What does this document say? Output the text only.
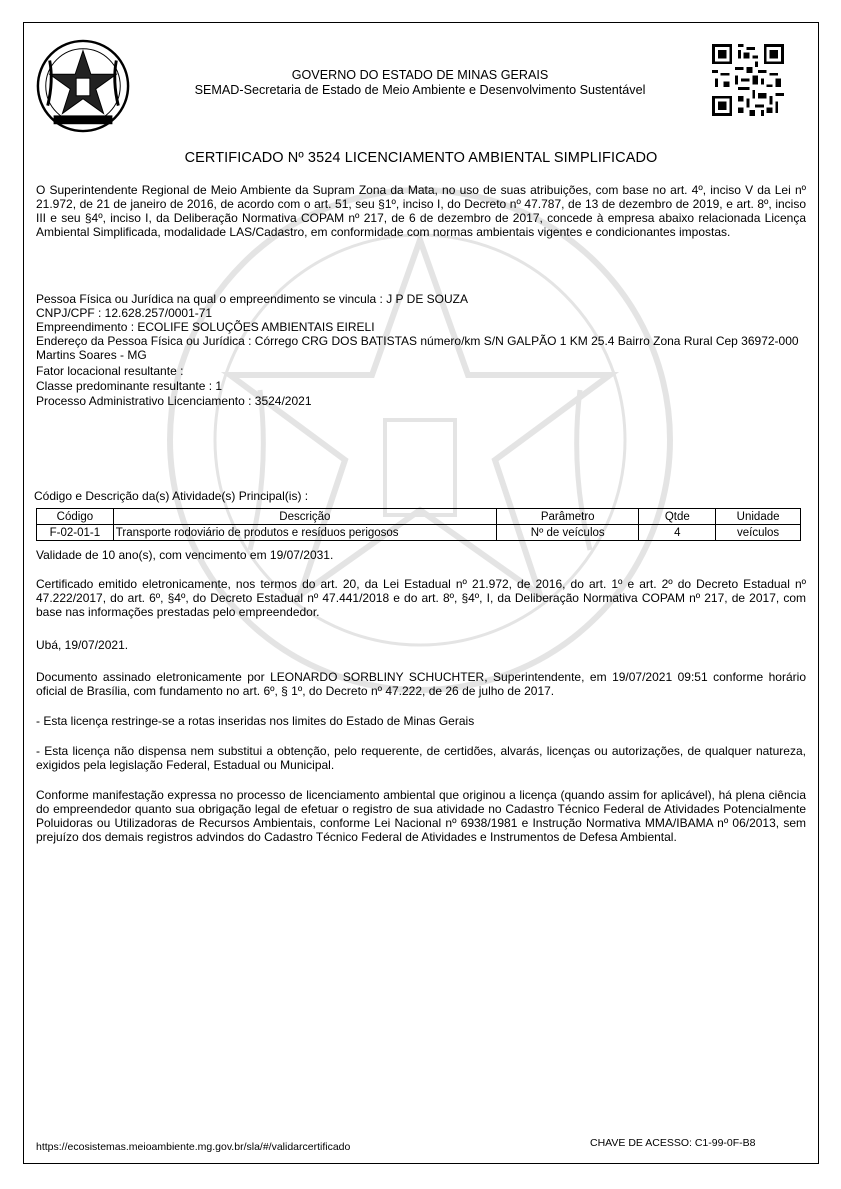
GOVERNO DO ESTADO DE MINAS GERAIS
SEMAD-Secretaria de Estado de Meio Ambiente e Desenvolvimento Sustentável
CERTIFICADO Nº 3524 LICENCIAMENTO AMBIENTAL SIMPLIFICADO
O Superintendente Regional de Meio Ambiente da Supram Zona da Mata, no uso de suas atribuições, com base no art. 4º, inciso V da Lei nº 21.972, de 21 de janeiro de 2016, de acordo com o art. 51, seu §1º, inciso I, do Decreto nº 47.787, de 13 de dezembro de 2019, e art. 8º, inciso III e seu §4º, inciso I, da Deliberação Normativa COPAM nº 217, de 6 de dezembro de 2017, concede à empresa abaixo relacionada Licença Ambiental Simplificada, modalidade LAS/Cadastro, em conformidade com normas ambientais vigentes e condicionantes impostas.
Pessoa Física ou Jurídica na qual o empreendimento se vincula : J P DE SOUZA
CNPJ/CPF : 12.628.257/0001-71
Empreendimento : ECOLIFE SOLUÇÕES AMBIENTAIS EIRELI
Endereço da Pessoa Física ou Jurídica : Córrego CRG DOS BATISTAS número/km S/N GALPÃO 1 KM 25.4 Bairro Zona Rural Cep 36972-000 Martins Soares - MG
Fator locacional resultante :
Classe predominante resultante : 1
Processo Administrativo Licenciamento : 3524/2021
Código e Descrição da(s) Atividade(s) Principal(is) :
Código	Descrição	Parâmetro	Qtde	Unidade
F-02-01-1	Transporte rodoviário de produtos e resíduos perigosos	Nº de veículos	4	veículos
Validade de 10 ano(s), com vencimento em 19/07/2031.
Certificado emitido eletronicamente, nos termos do art. 20, da Lei Estadual nº 21.972, de 2016, do art. 1º e art. 2º do Decreto Estadual nº 47.222/2017, do art. 6º, §4º, do Decreto Estadual nº 47.441/2018 e do art. 8º, §4º, I, da Deliberação Normativa COPAM nº 217, de 2017, com base nas informações prestadas pelo empreendedor.
Ubá, 19/07/2021.
Documento assinado eletronicamente por LEONARDO SORBLINY SCHUCHTER, Superintendente, em 19/07/2021 09:51 conforme horário oficial de Brasília, com fundamento no art. 6º, § 1º, do Decreto nº 47.222, de 26 de julho de 2017.
- Esta licença restringe-se a rotas inseridas nos limites do Estado de Minas Gerais
- Esta licença não dispensa nem substitui a obtenção, pelo requerente, de certidões, alvarás, licenças ou autorizações, de qualquer natureza, exigidos pela legislação Federal, Estadual ou Municipal.
Conforme manifestação expressa no processo de licenciamento ambiental que originou a licença (quando assim for aplicável), há plena ciência do empreendedor quanto sua obrigação legal de efetuar o registro de sua atividade no Cadastro Técnico Federal de Atividades Potencialmente Poluidoras ou Utilizadoras de Recursos Ambientais, conforme Lei Nacional nº 6938/1981 e Instrução Normativa MMA/IBAMA nº 06/2013, sem prejuízo dos demais registros advindos do Cadastro Técnico Federal de Atividades e Instrumentos de Defesa Ambiental.
https://ecosistemas.meioambiente.mg.gov.br/sla/#/validarcertificado	CHAVE DE ACESSO: C1-99-0F-B8
